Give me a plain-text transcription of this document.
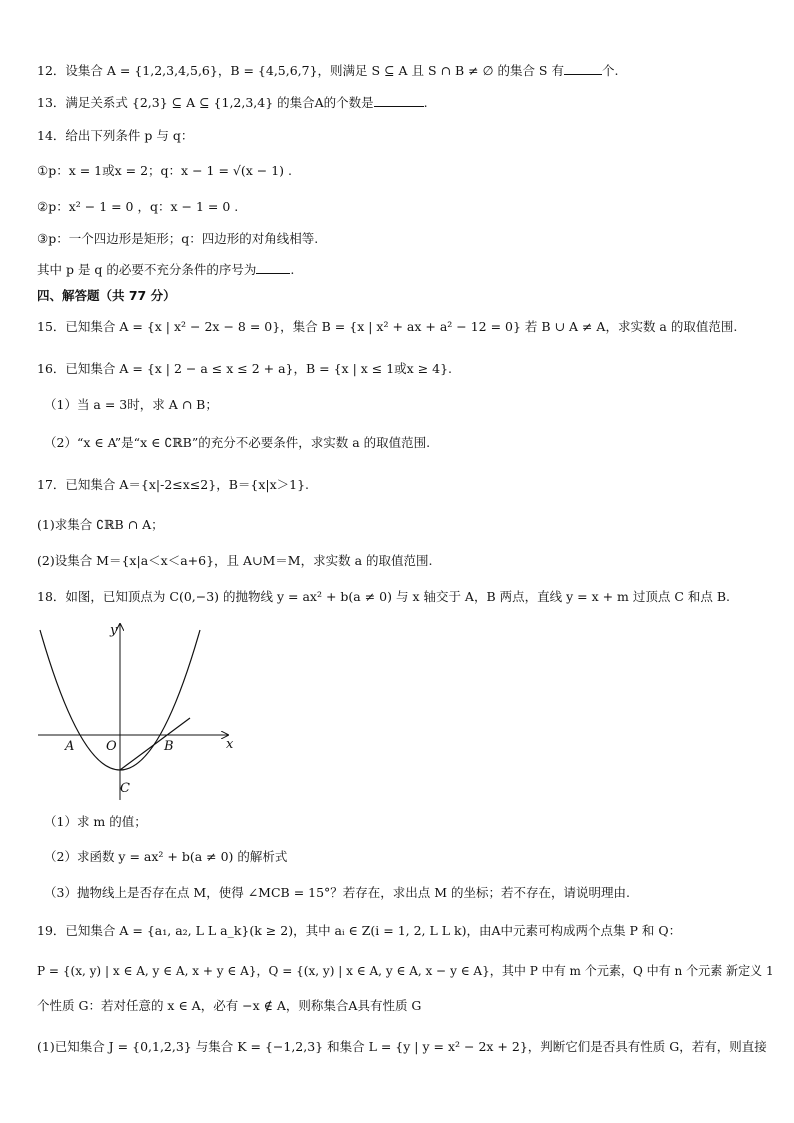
12．设集合 A = {1,2,3,4,5,6}，B = {4,5,6,7}，则满足 S ⊆ A 且 S ∩ B ≠ ∅ 的集合 S 有	个.
13．满足关系式 {2,3} ⊆ A ⊆ {1,2,3,4} 的集合A的个数是	.
14．给出下列条件 p 与 q：
①p：x = 1或x = 2；q：x − 1 = √(x − 1) .
②p：x² − 1 = 0 ，q：x − 1 = 0 .
③p：一个四边形是矩形；q：四边形的对角线相等.
其中 p 是 q 的必要不充分条件的序号为	.
四、解答题（共 77 分）
15．已知集合 A = {x | x² − 2x − 8 = 0}，集合 B = {x | x² + ax + a² − 12 = 0} 若 B ∪ A ≠ A，求实数 a 的取值范围.
16．已知集合 A = {x | 2 − a ≤ x ≤ 2 + a}，B = {x | x ≤ 1或x ≥ 4}.
（1）当 a = 3时，求 A ∩ B；
（2）“x ∈ A”是“x ∈ ∁ℝB”的充分不必要条件，求实数 a 的取值范围.
17．已知集合 A＝{x|-2≤x≤2}，B＝{x|x＞1}.
(1)求集合 ∁ℝB ∩ A；
(2)设集合 M＝{x|a＜x＜a+6}，且 A∪M＝M，求实数 a 的取值范围.
18．如图，已知顶点为 C(0,−3) 的抛物线 y = ax² + b(a ≠ 0) 与 x 轴交于 A，B 两点，直线 y = x + m 过顶点 C 和点 B.
x
y
A O	B
C
（1）求 m 的值；
（2）求函数 y = ax² + b(a ≠ 0) 的解析式
（3）抛物线上是否存在点 M，使得 ∠MCB = 15°？若存在，求出点 M 的坐标；若不存在，请说明理由.
19．已知集合 A = {a₁, a₂, L L a_k}(k ≥ 2)，其中 aᵢ ∈ Z(i = 1, 2, L L k)，由A中元素可构成两个点集 P 和 Q：
P = {(x, y) | x ∈ A, y ∈ A, x + y ∈ A}，Q = {(x, y) | x ∈ A, y ∈ A, x − y ∈ A}，其中 P 中有 m 个元素，Q 中有 n 个元素 新定义 1
个性质 G：若对任意的 x ∈ A，必有 −x ∉ A，则称集合A具有性质 G
(1)已知集合 J = {0,1,2,3} 与集合 K = {−1,2,3} 和集合 L = {y | y = x² − 2x + 2}，判断它们是否具有性质 G，若有，则直接
